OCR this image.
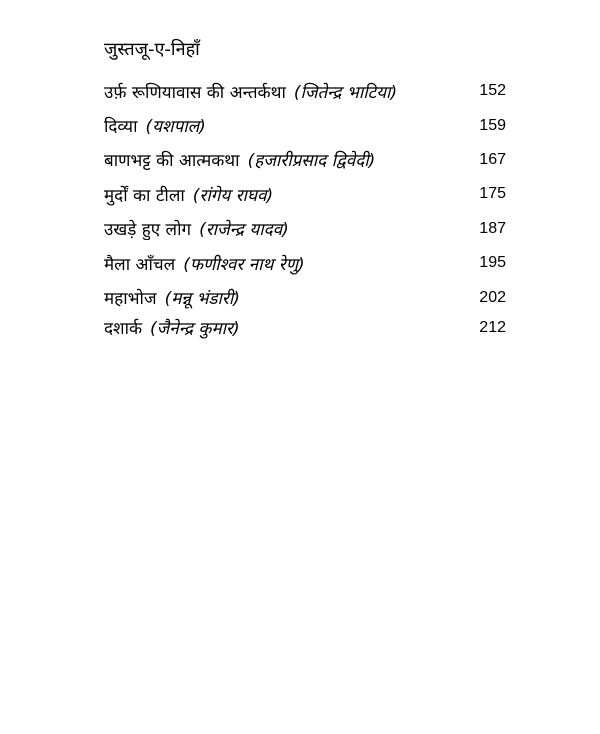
जुस्तजू-ए-निहाँ
उर्फ़ रूणियावास की अन्तर्कथा (जितेन्द्र भाटिया)	152
दिव्या (यशपाल)	159
बाणभट्ट की आत्मकथा (हजारीप्रसाद द्विवेदी)	167
मुर्दों का टीला (रांगेय राघव)	175
उखड़े हुए लोग (राजेन्द्र यादव)	187
मैला आँचल (फणीश्वर नाथ रेणु)	195
महाभोज (मन्नू भंडारी)	202
दशार्क (जैनेन्द्र कुमार)	212
